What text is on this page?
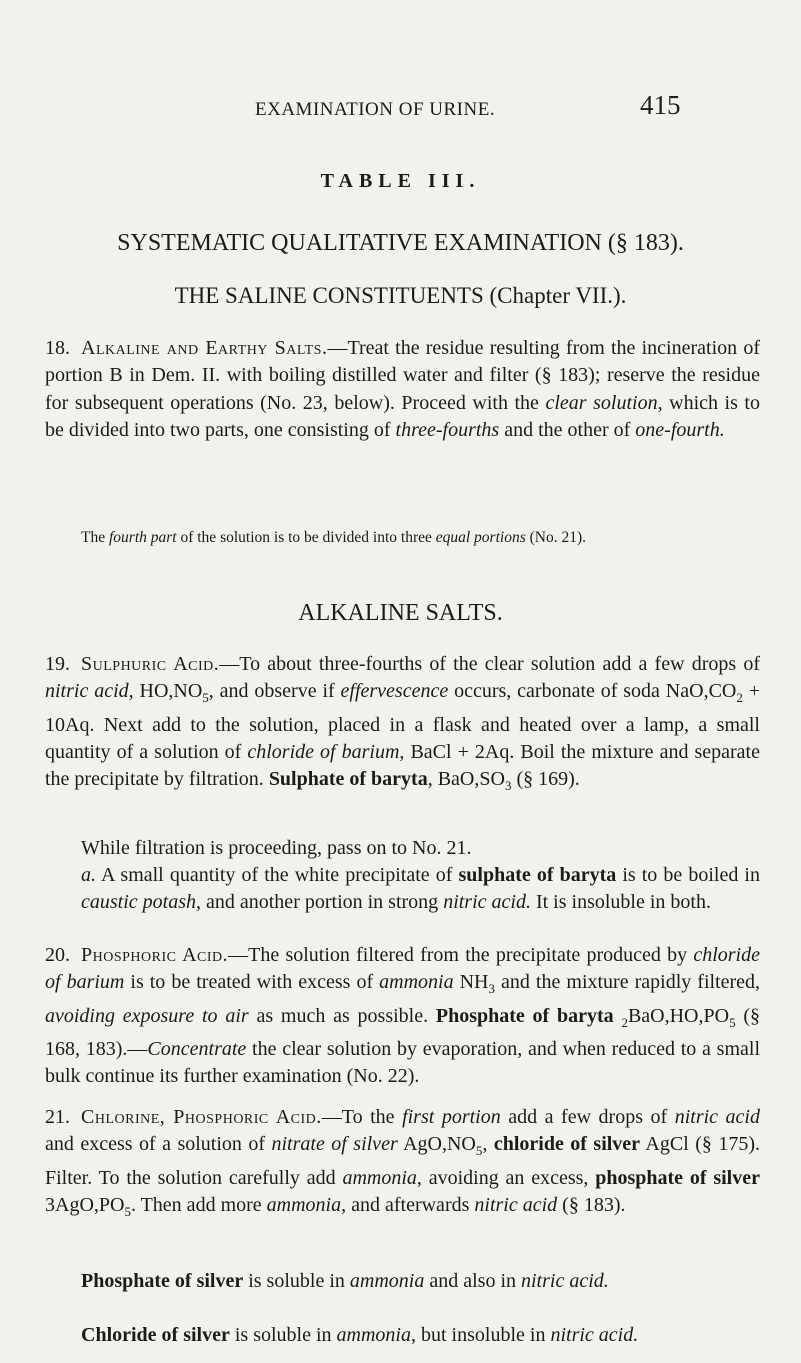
EXAMINATION OF URINE.	415
TABLE III.
SYSTEMATIC QUALITATIVE EXAMINATION (§ 183).
THE SALINE CONSTITUENTS (Chapter VII.).

18. Alkaline and Earthy Salts.—Treat the residue resulting from the incineration of portion B in Dem. II. with boiling distilled water and filter (§ 183); reserve the residue for subsequent operations (No. 23, below). Proceed with the clear solution, which is to be divided into two parts, one consisting of three-fourths and the other of one-fourth.

The fourth part of the solution is to be divided into three equal portions (No. 21).

ALKALINE SALTS.

19. Sulphuric Acid.—To about three-fourths of the clear solution add a few drops of nitric acid, $HO,NO_5$, and observe if effervescence occurs, carbonate of soda $NaO,CO_2 + 10Aq$. Next add to the solution, placed in a flask and heated over a lamp, a small quantity of a solution of chloride of barium, BaCl + 2Aq. Boil the mixture and separate the precipitate by filtration. Sulphate of baryta, $BaO,SO_3$ (§ 169).

While filtration is proceeding, pass on to No. 21.

a. A small quantity of the white precipitate of sulphate of baryta is to be boiled in caustic potash, and another portion in strong nitric acid. It is insoluble in both.

20. Phosphoric Acid.—The solution filtered from the precipitate produced by chloride of barium is to be treated with excess of ammonia $NH_3$ and the mixture rapidly filtered, avoiding exposure to air as much as possible. Phosphate of baryta $_2BaO,HO,PO_5$ (§ 168, 183).—Concentrate the clear solution by evaporation, and when reduced to a small bulk continue its further examination (No. 22).

21. Chlorine, Phosphoric Acid.—To the first portion add a few drops of nitric acid and excess of a solution of nitrate of silver $AgO,NO_5$, chloride of silver AgCl (§ 175). Filter. To the solution carefully add ammonia, avoiding an excess, phosphate of silver $3AgO,PO_5$. Then add more ammonia, and afterwards nitric acid (§ 183).

Phosphate of silver is soluble in ammonia and also in nitric acid.

Chloride of silver is soluble in ammonia, but insoluble in nitric acid.
